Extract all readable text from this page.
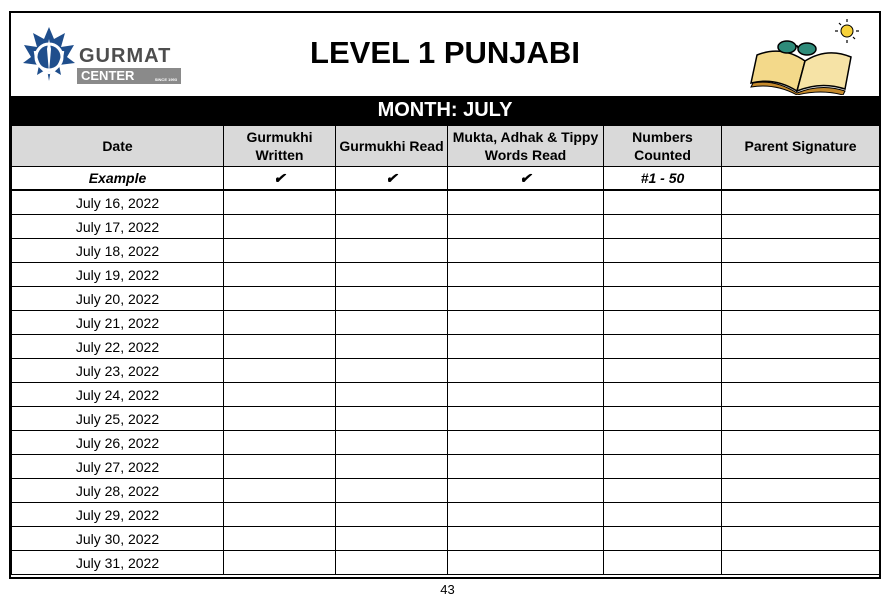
GURMAT
CENTER	SINCE 1993
LEVEL 1 PUNJABI
MONTH: JULY
Date	Gurmukhi Written	Gurmukhi Read	Mukta, Adhak & Tippy Words Read	Numbers Counted	Parent Signature
Example	✔	✔	✔	#1 - 50	
July 16, 2022					
July 17, 2022					
July 18, 2022					
July 19, 2022					
July 20, 2022					
July 21, 2022					
July 22, 2022					
July 23, 2022					
July 24, 2022					
July 25, 2022					
July 26, 2022					
July 27, 2022					
July 28, 2022					
July 29, 2022					
July 30, 2022					
July 31, 2022					
43
